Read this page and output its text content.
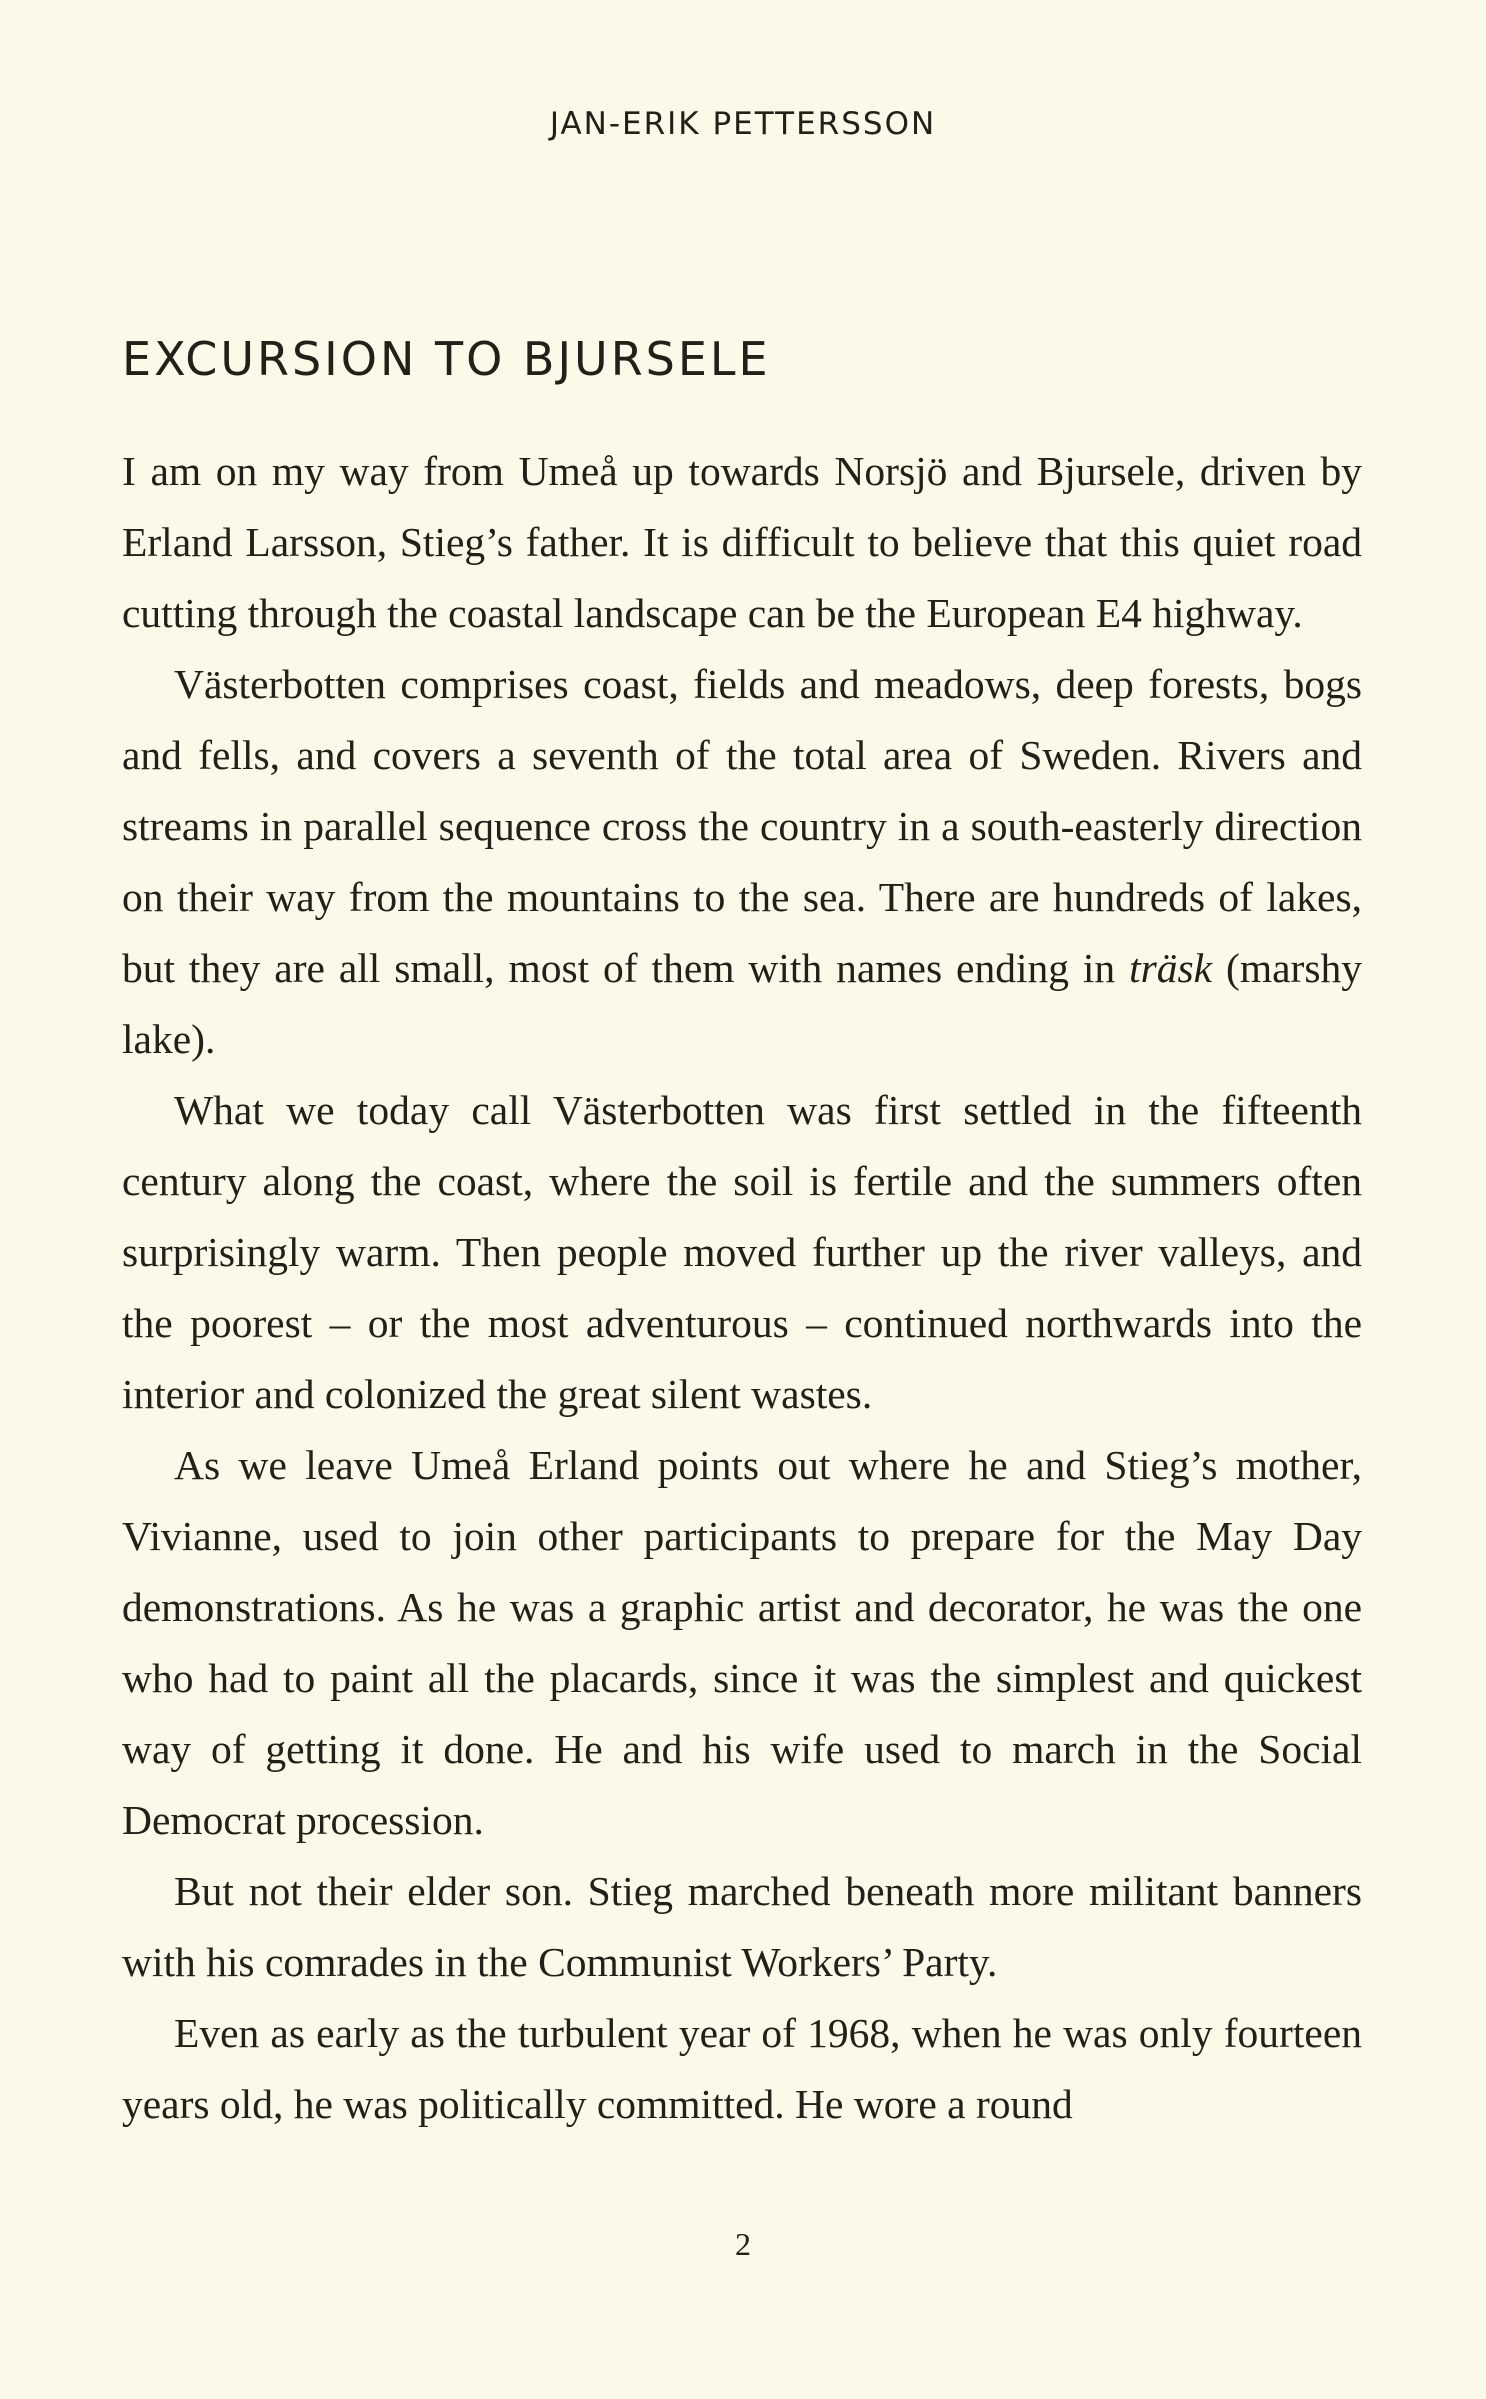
JAN-ERIK PETTERSSON
EXCURSION TO BJURSELE

I am on my way from Umeå up towards Norsjö and Bjursele, driven by Erland Larsson, Stieg’s father. It is difficult to believe that this quiet road cutting through the coastal landscape can be the European E4 highway.

Västerbotten comprises coast, fields and meadows, deep forests, bogs and fells, and covers a seventh of the total area of Sweden. Rivers and streams in parallel sequence cross the country in a south-easterly direction on their way from the mountains to the sea. There are hundreds of lakes, but they are all small, most of them with names ending in träsk (marshy lake).

What we today call Västerbotten was first settled in the fifteenth century along the coast, where the soil is fertile and the summers often surprisingly warm. Then people moved further up the river valleys, and the poorest – or the most adventurous – continued northwards into the interior and colonized the great silent wastes.

As we leave Umeå Erland points out where he and Stieg’s mother, Vivianne, used to join other participants to prepare for the May Day demonstrations. As he was a graphic artist and decorator, he was the one who had to paint all the placards, since it was the simplest and quickest way of getting it done. He and his wife used to march in the Social Democrat procession.

But not their elder son. Stieg marched beneath more militant banners with his comrades in the Communist Workers’ Party.

Even as early as the turbulent year of 1968, when he was only fourteen years old, he was politically committed. He wore a round

2
